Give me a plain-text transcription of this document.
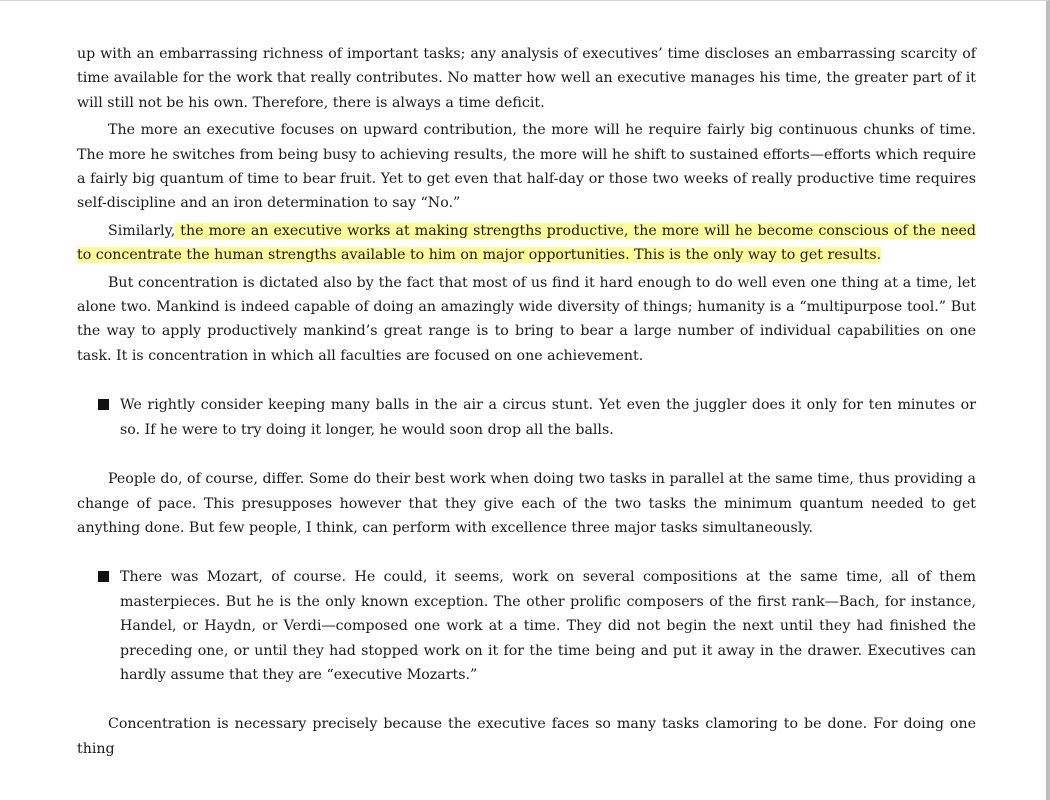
up with an embarrassing richness of important tasks; any analysis of executives’ time discloses an embarrassing scarcity of time available for the work that really contributes. No matter how well an executive manages his time, the greater part of it will still not be his own. Therefore, there is always a time deficit.

The more an executive focuses on upward contribution, the more will he require fairly big continuous chunks of time. The more he switches from being busy to achieving results, the more will he shift to sustained efforts—efforts which require a fairly big quantum of time to bear fruit. Yet to get even that half-day or those two weeks of really productive time requires self-discipline and an iron determination to say “No.”

Similarly, the more an executive works at making strengths productive, the more will he become conscious of the need to concentrate the human strengths available to him on major opportunities. This is the only way to get results.

But concentration is dictated also by the fact that most of us find it hard enough to do well even one thing at a time, let alone two. Mankind is indeed capable of doing an amazingly wide diversity of things; humanity is a “multipurpose tool.” But the way to apply productively mankind’s great range is to bring to bear a large number of individual capabilities on one task. It is concentration in which all faculties are focused on one achievement.

We rightly consider keeping many balls in the air a circus stunt. Yet even the juggler does it only for ten minutes or so. If he were to try doing it longer, he would soon drop all the balls.

People do, of course, differ. Some do their best work when doing two tasks in parallel at the same time, thus providing a change of pace. This presupposes however that they give each of the two tasks the minimum quantum needed to get anything done. But few people, I think, can perform with excellence three major tasks simultaneously.

There was Mozart, of course. He could, it seems, work on several compositions at the same time, all of them masterpieces. But he is the only known exception. The other prolific composers of the first rank—Bach, for instance, Handel, or Haydn, or Verdi—composed one work at a time. They did not begin the next until they had finished the preceding one, or until they had stopped work on it for the time being and put it away in the drawer. Executives can hardly assume that they are “executive Mozarts.”

Concentration is necessary precisely because the executive faces so many tasks clamoring to be done. For doing one thing
